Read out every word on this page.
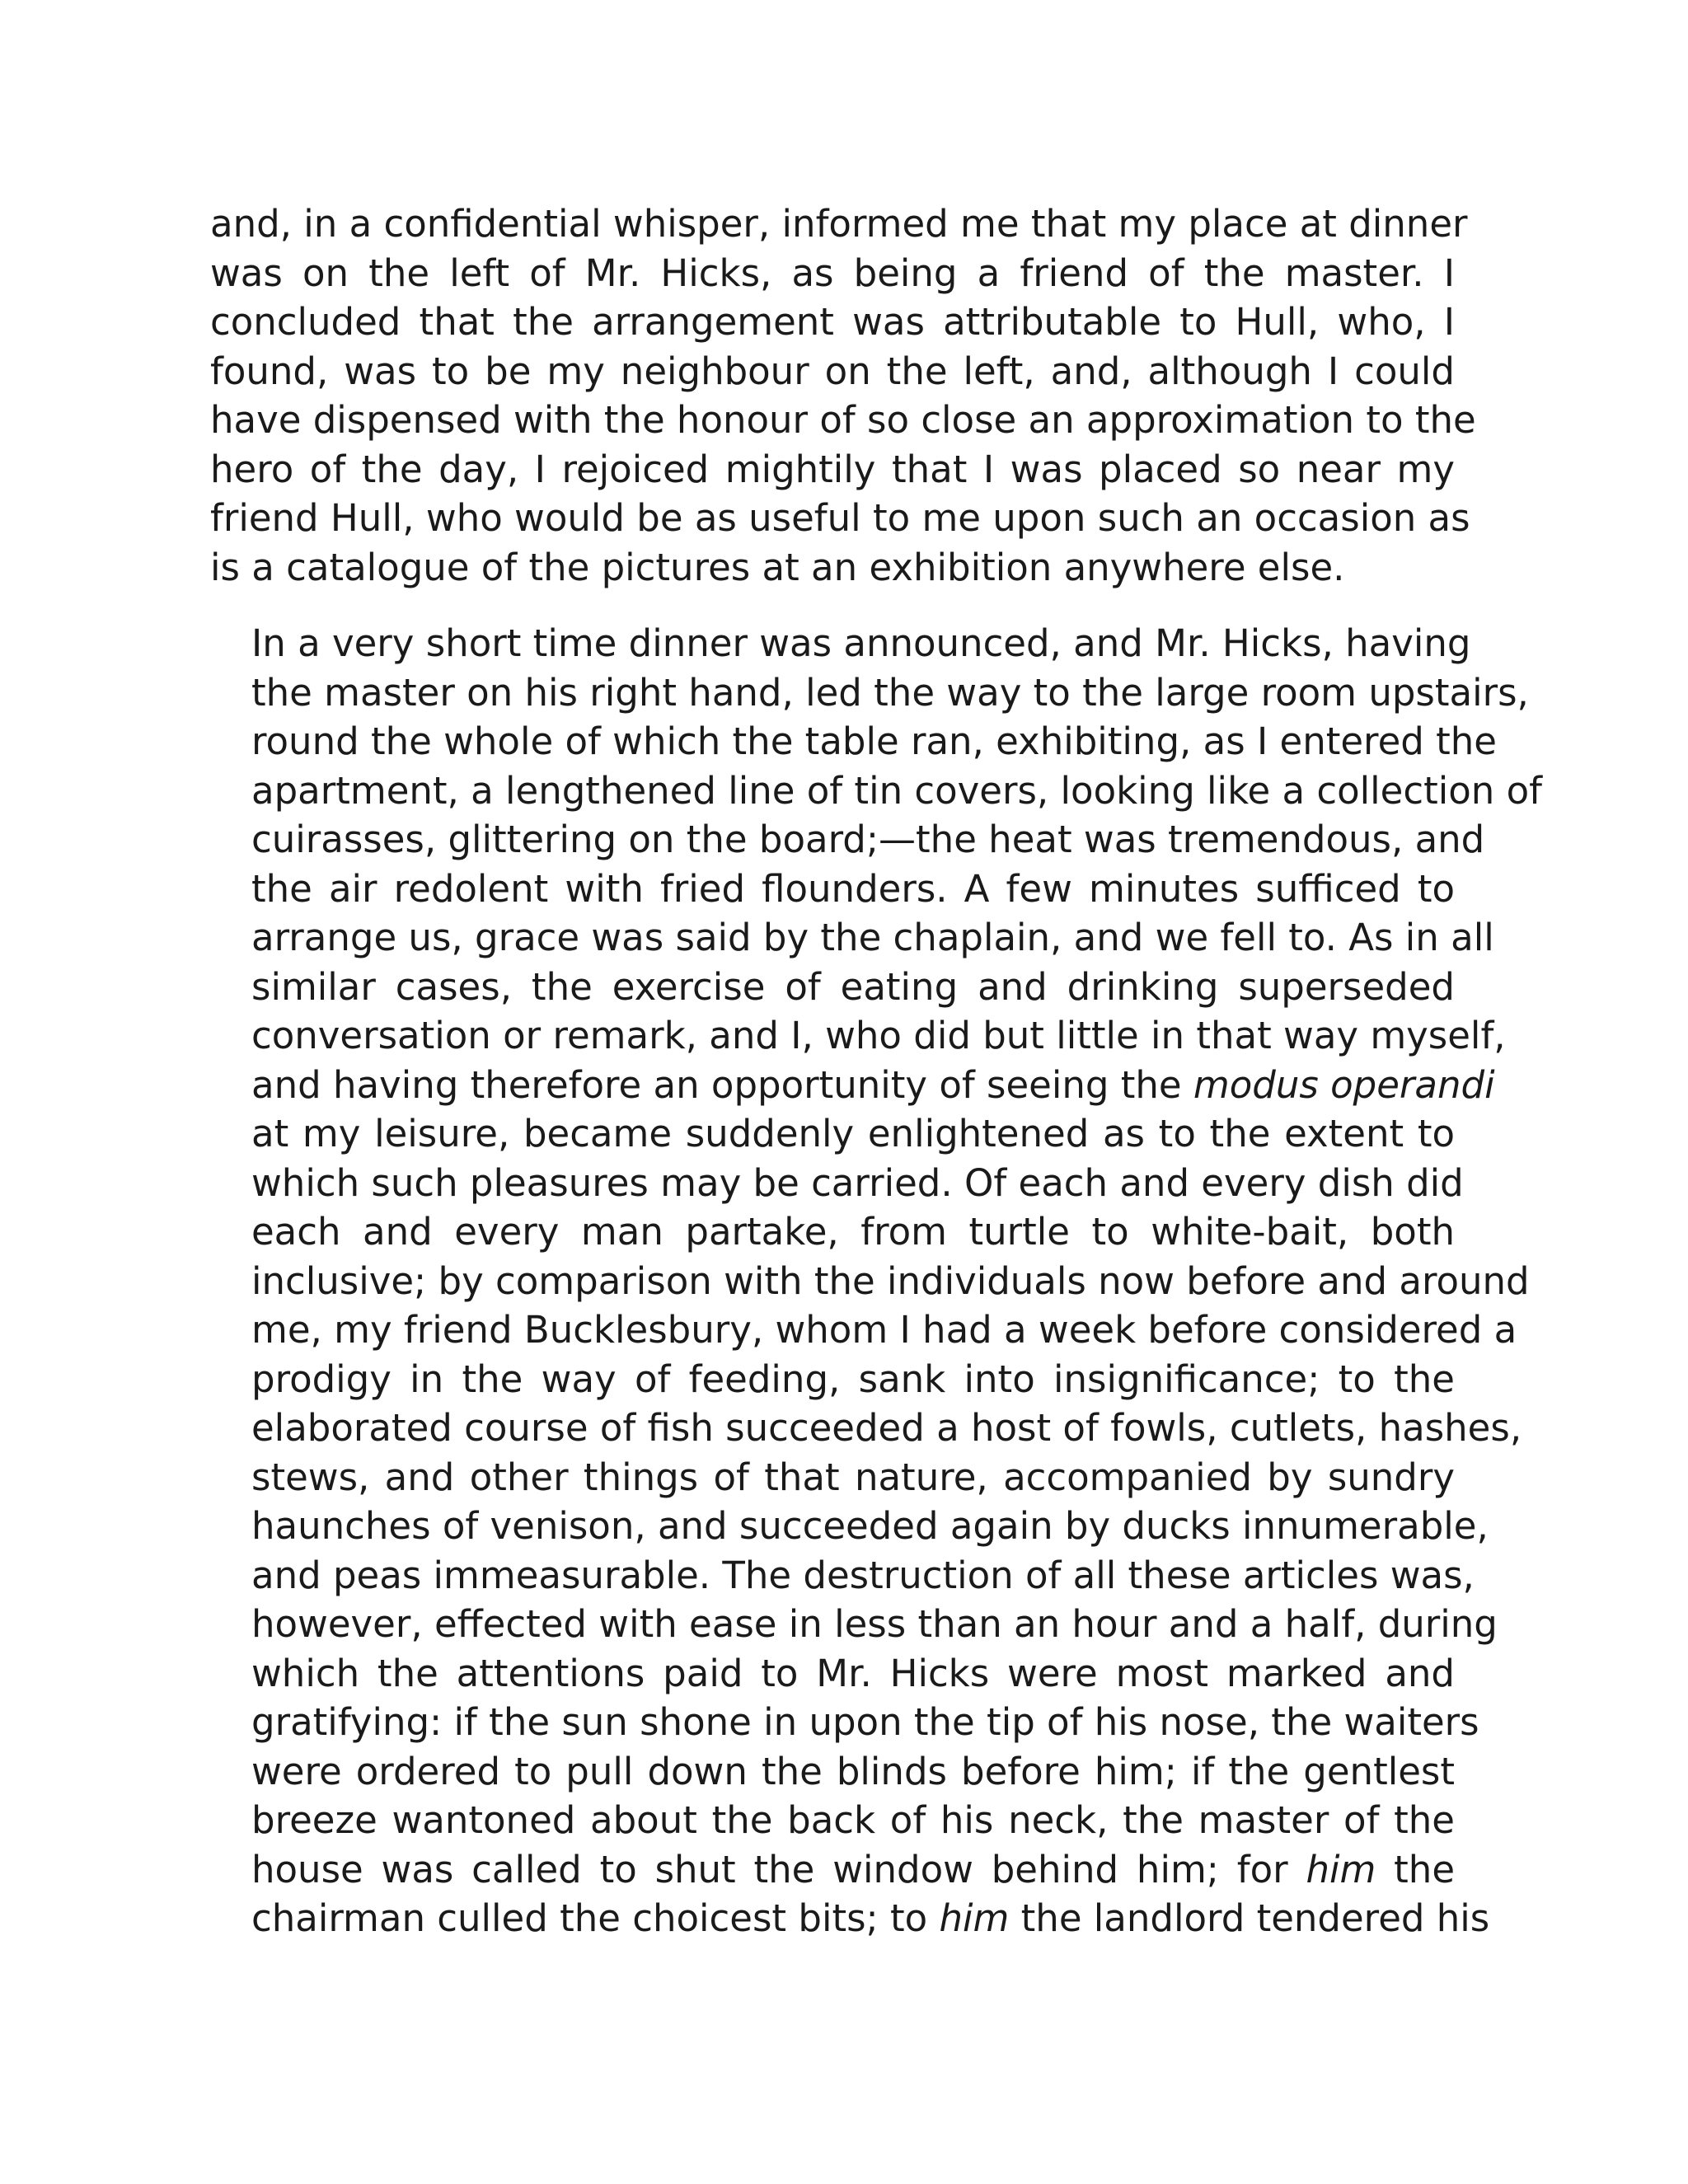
and, in a confidential whisper, informed me that my place at dinner
was on the left of Mr. Hicks, as being a friend of the master. I
concluded that the arrangement was attributable to Hull, who, I
found, was to be my neighbour on the left, and, although I could
have dispensed with the honour of so close an approximation to the
hero of the day, I rejoiced mightily that I was placed so near my
friend Hull, who would be as useful to me upon such an occasion as
is a catalogue of the pictures at an exhibition anywhere else.
In a very short time dinner was announced, and Mr. Hicks, having
the master on his right hand, led the way to the large room upstairs,
round the whole of which the table ran, exhibiting, as I entered the
apartment, a lengthened line of tin covers, looking like a collection of
cuirasses, glittering on the board;—the heat was tremendous, and
the air redolent with fried flounders. A few minutes sufficed to
arrange us, grace was said by the chaplain, and we fell to. As in all
similar cases, the exercise of eating and drinking superseded
conversation or remark, and I, who did but little in that way myself,
and having therefore an opportunity of seeing the modus operandi
at my leisure, became suddenly enlightened as to the extent to
which such pleasures may be carried. Of each and every dish did
each and every man partake, from turtle to white-bait, both
inclusive; by comparison with the individuals now before and around
me, my friend Bucklesbury, whom I had a week before considered a
prodigy in the way of feeding, sank into insignificance; to the
elaborated course of fish succeeded a host of fowls, cutlets, hashes,
stews, and other things of that nature, accompanied by sundry
haunches of venison, and succeeded again by ducks innumerable,
and peas immeasurable. The destruction of all these articles was,
however, effected with ease in less than an hour and a half, during
which the attentions paid to Mr. Hicks were most marked and
gratifying: if the sun shone in upon the tip of his nose, the waiters
were ordered to pull down the blinds before him; if the gentlest
breeze wantoned about the back of his neck, the master of the
house was called to shut the window behind him; for him the
chairman culled the choicest bits; to him the landlord tendered his
